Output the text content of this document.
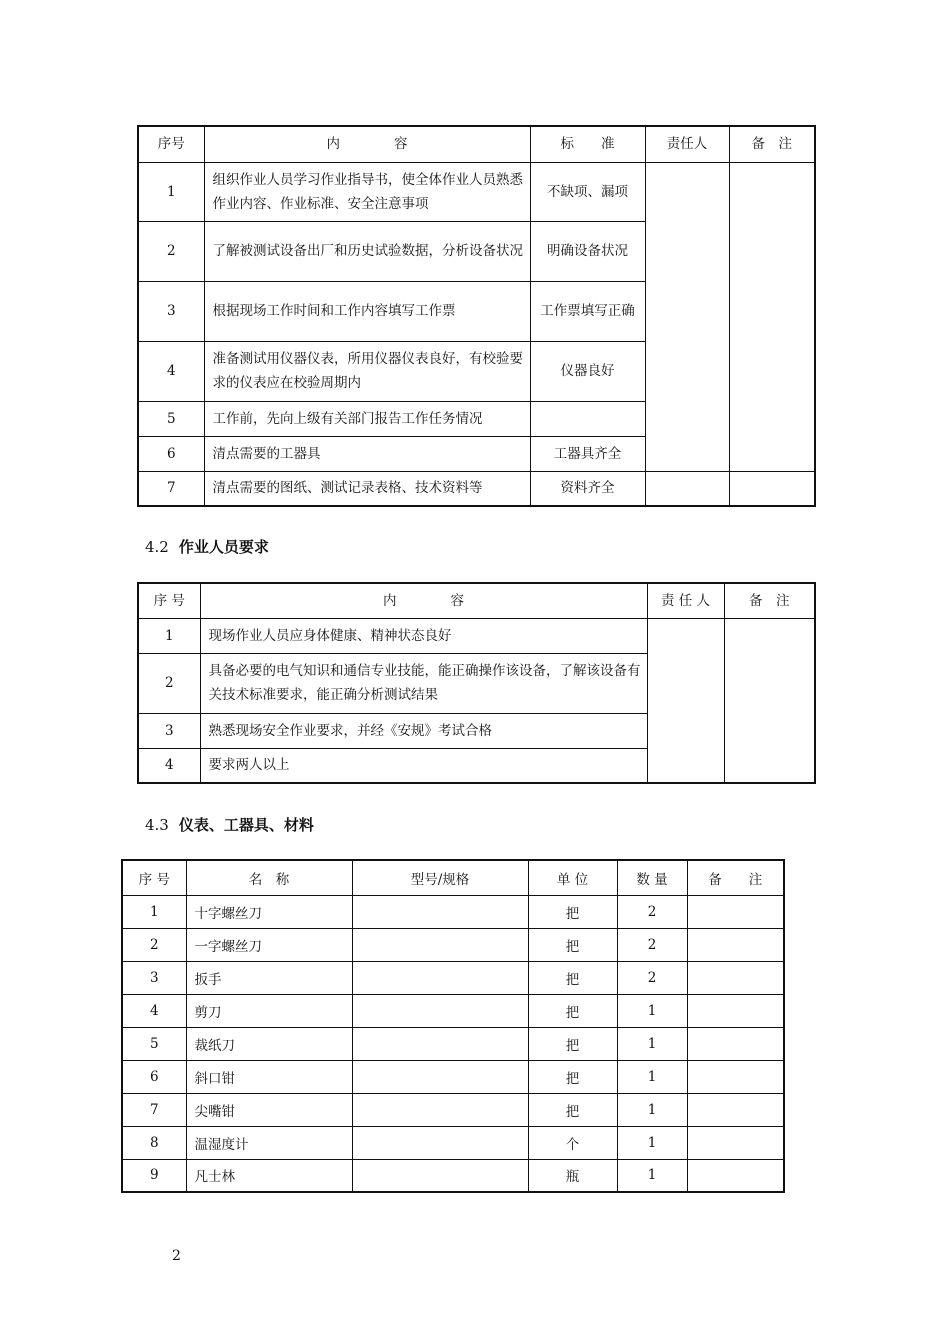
序号	内　　　　容	标　　准	责任人	备　注
1	组织作业人员学习作业指导书，使全体作业人员熟悉作业内容、作业标准、安全注意事项	不缺项、漏项		
2	了解被测试设备出厂和历史试验数据，分析设备状况	明确设备状况		
3	根据现场工作时间和工作内容填写工作票	工作票填写正确		
4	准备测试用仪器仪表，所用仪器仪表良好，有校验要求的仪表应在校验周期内	仪器良好		
5	工作前，先向上级有关部门报告工作任务情况			
6	清点需要的工器具	工器具齐全		
7	清点需要的图纸、测试记录表格、技术资料等	资料齐全		
4.2 作业人员要求
序 号	内　　　　容	责 任 人	备　注
1	现场作业人员应身体健康、精神状态良好		
2	具备必要的电气知识和通信专业技能，能正确操作该设备，了解该设备有关技术标准要求，能正确分析测试结果		
3	熟悉现场安全作业要求，并经《安规》考试合格		
4	要求两人以上		
4.3 仪表、工器具、材料
序 号	名　称	型号/规格	单 位	数 量	备　　注
1	十字螺丝刀		把	2	
2	一字螺丝刀		把	2	
3	扳手		把	2	
4	剪刀		把	1	
5	裁纸刀		把	1	
6	斜口钳		把	1	
7	尖嘴钳		把	1	
8	温湿度计		个	1	
9	凡士林		瓶	1	
2
